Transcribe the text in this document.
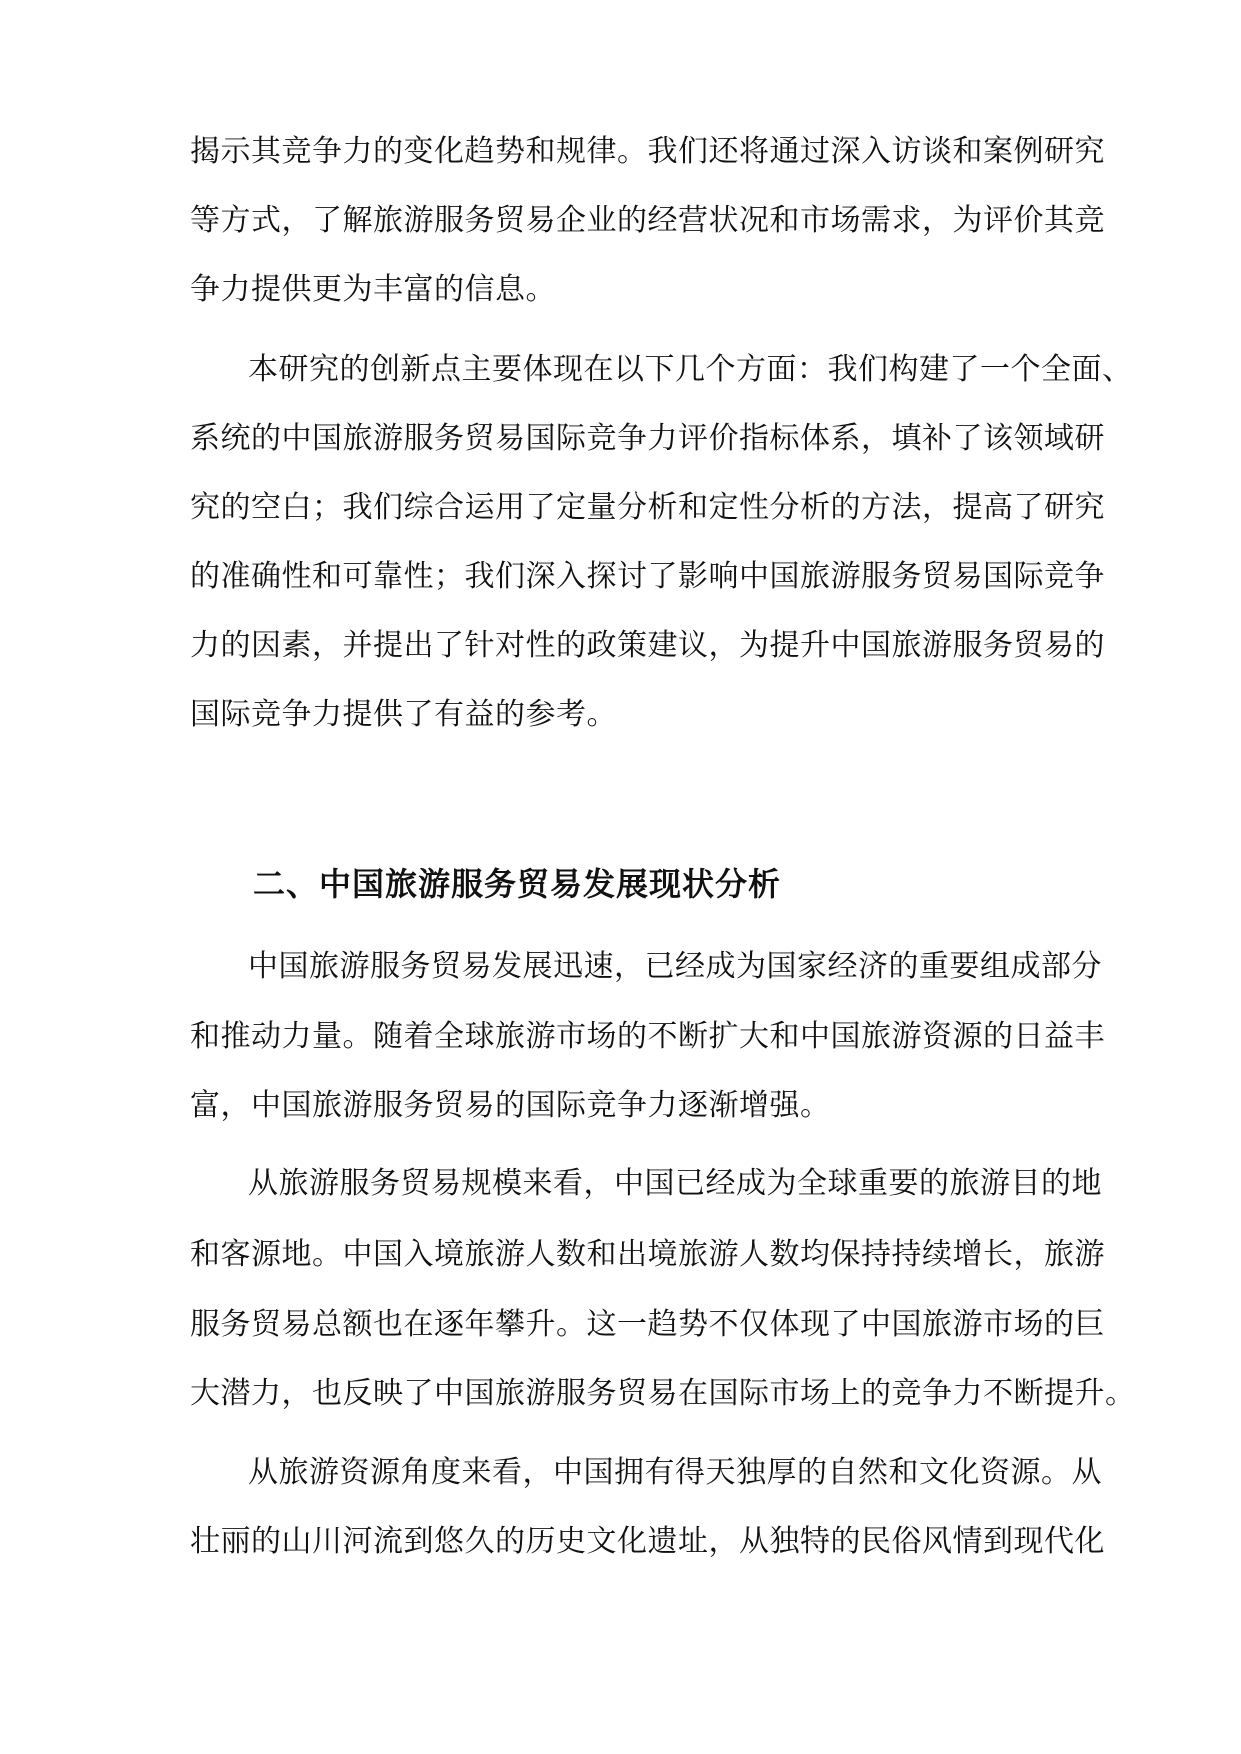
揭示其竞争力的变化趋势和规律。我们还将通过深入访谈和案例研究
等方式，了解旅游服务贸易企业的经营状况和市场需求，为评价其竞
争力提供更为丰富的信息。
本研究的创新点主要体现在以下几个方面：我们构建了一个全面、
系统的中国旅游服务贸易国际竞争力评价指标体系，填补了该领域研
究的空白；我们综合运用了定量分析和定性分析的方法，提高了研究
的准确性和可靠性；我们深入探讨了影响中国旅游服务贸易国际竞争
力的因素，并提出了针对性的政策建议，为提升中国旅游服务贸易的
国际竞争力提供了有益的参考。
二、中国旅游服务贸易发展现状分析
中国旅游服务贸易发展迅速，已经成为国家经济的重要组成部分
和推动力量。随着全球旅游市场的不断扩大和中国旅游资源的日益丰
富，中国旅游服务贸易的国际竞争力逐渐增强。
从旅游服务贸易规模来看，中国已经成为全球重要的旅游目的地
和客源地。中国入境旅游人数和出境旅游人数均保持持续增长，旅游
服务贸易总额也在逐年攀升。这一趋势不仅体现了中国旅游市场的巨
大潜力，也反映了中国旅游服务贸易在国际市场上的竞争力不断提升。
从旅游资源角度来看，中国拥有得天独厚的自然和文化资源。从
壮丽的山川河流到悠久的历史文化遗址，从独特的民俗风情到现代化
